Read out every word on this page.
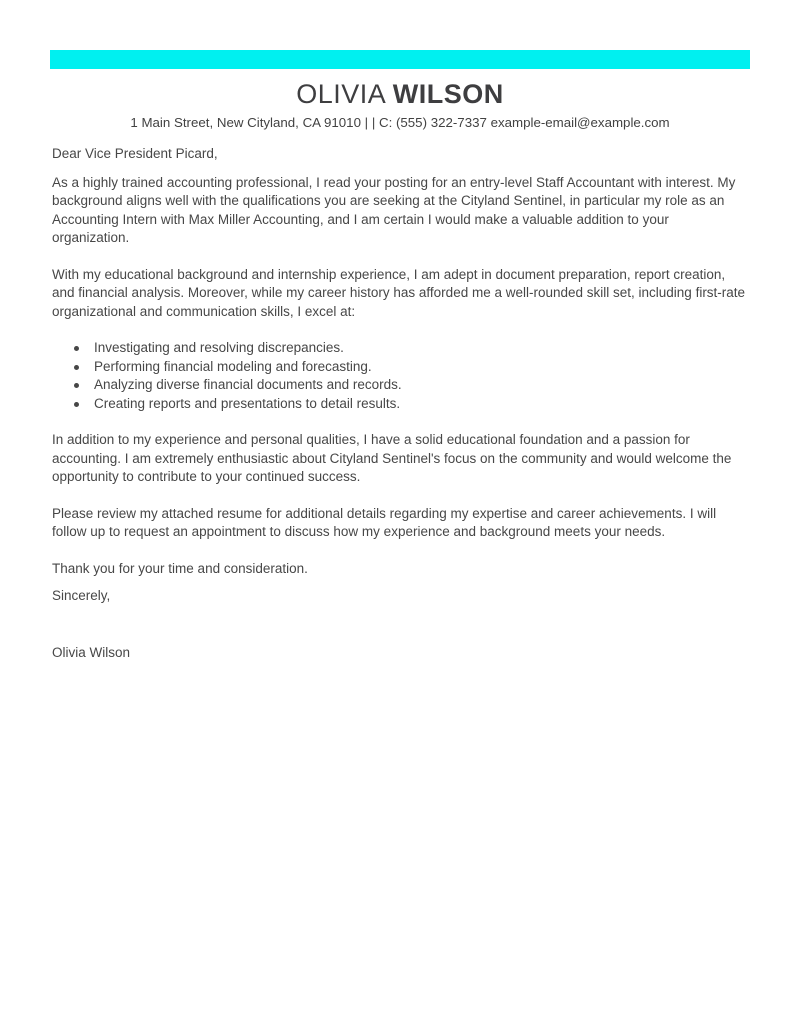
OLIVIA WILSON
1 Main Street, New Cityland, CA 91010 | | C: (555) 322-7337 example-email@example.com

Dear Vice President Picard,

As a highly trained accounting professional, I read your posting for an entry-level Staff Accountant with interest. My background aligns well with the qualifications you are seeking at the Cityland Sentinel, in particular my role as an Accounting Intern with Max Miller Accounting, and I am certain I would make a valuable addition to your organization.

With my educational background and internship experience, I am adept in document preparation, report creation, and financial analysis. Moreover, while my career history has afforded me a well-rounded skill set, including first-rate organizational and communication skills, I excel at:

Investigating and resolving discrepancies.
Performing financial modeling and forecasting.
Analyzing diverse financial documents and records.
Creating reports and presentations to detail results.

In addition to my experience and personal qualities, I have a solid educational foundation and a passion for accounting. I am extremely enthusiastic about Cityland Sentinel's focus on the community and would welcome the opportunity to contribute to your continued success.

Please review my attached resume for additional details regarding my expertise and career achievements. I will follow up to request an appointment to discuss how my experience and background meets your needs.

Thank you for your time and consideration.

Sincerely,

Olivia Wilson
